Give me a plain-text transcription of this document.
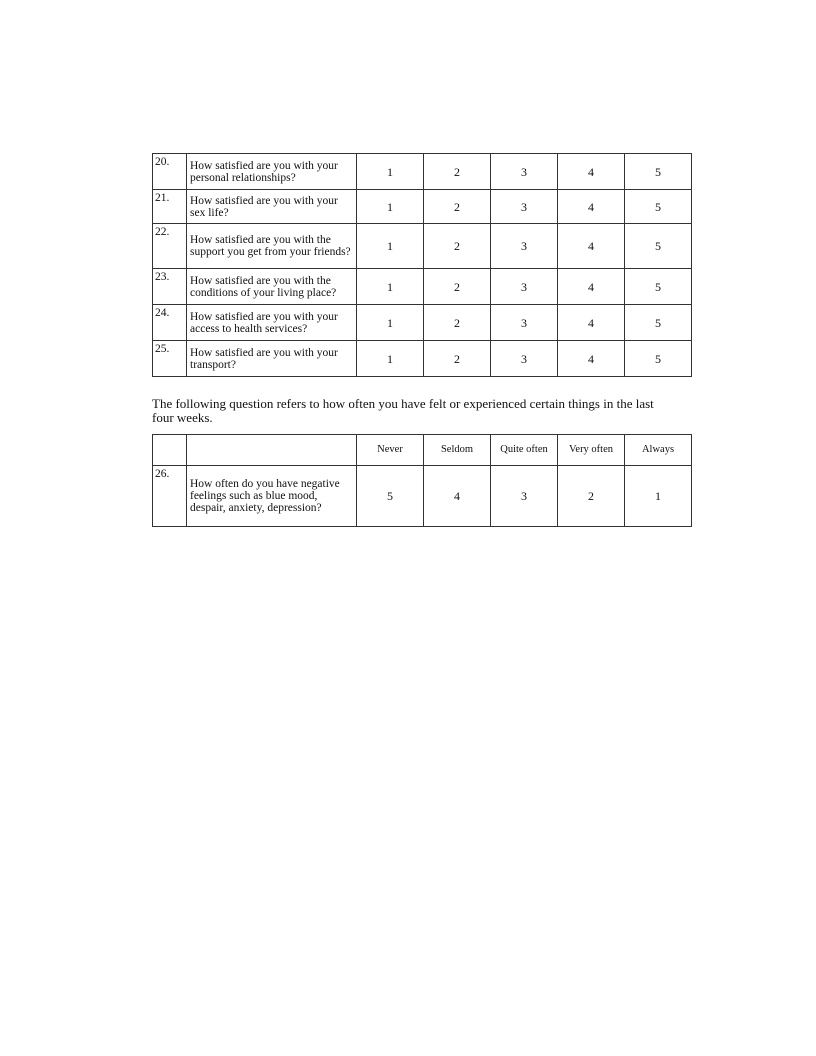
20.	How satisfied are you with your personal relationships?	1	2	3	4	5
21.	How satisfied are you with your sex life?	1	2	3	4	5
22.	How satisfied are you with the support you get from your friends?	1	2	3	4	5
23.	How satisfied are you with the conditions of your living place?	1	2	3	4	5
24.	How satisfied are you with your access to health services?	1	2	3	4	5
25.	How satisfied are you with your transport?	1	2	3	4	5
The following question refers to how often you have felt or experienced certain things in the last four weeks.
		Never	Seldom	Quite often	Very often	Always
26.	How often do you have negative feelings such as blue mood, despair, anxiety, depression?	5	4	3	2	1
